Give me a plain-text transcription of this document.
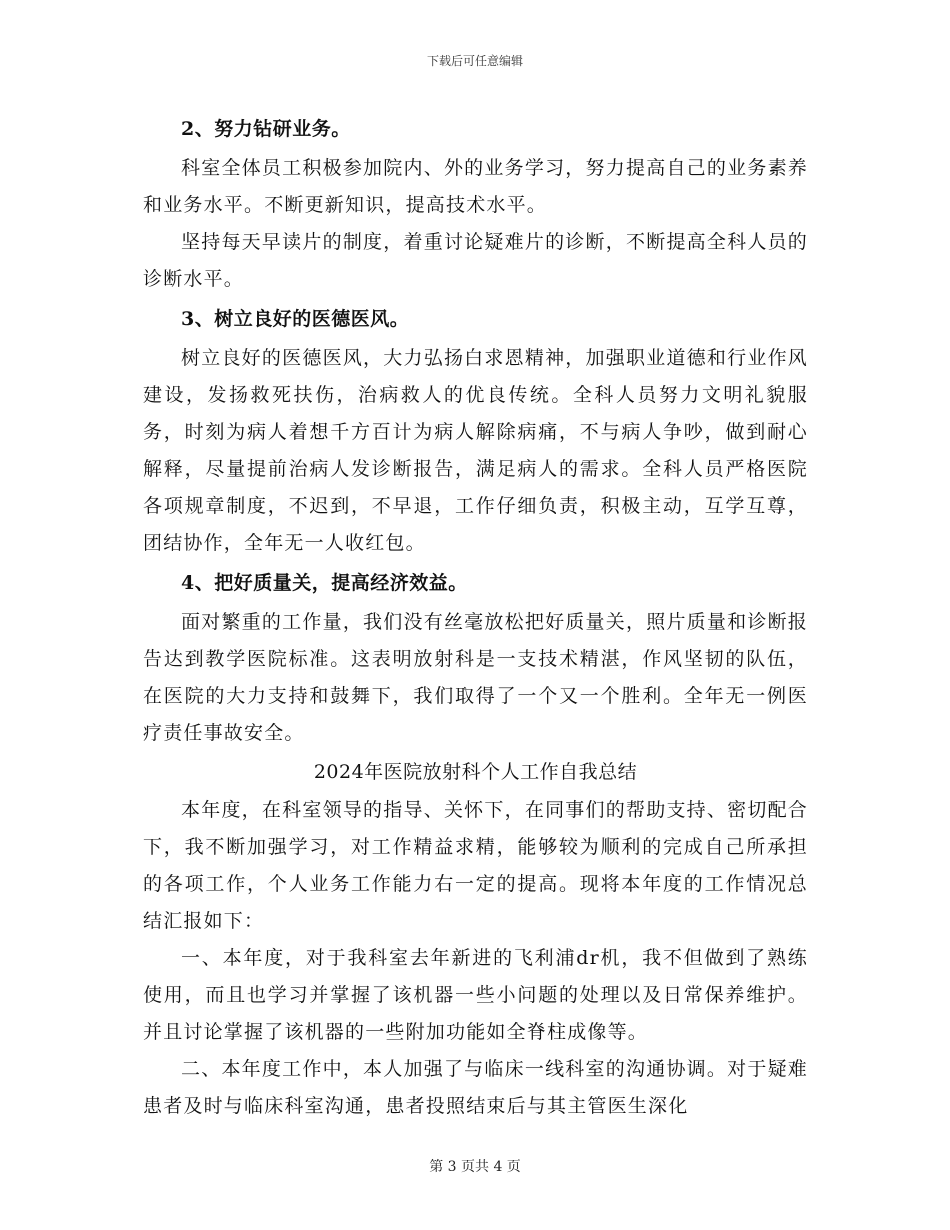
下载后可任意编辑

2、努力钻研业务。

科室全体员工积极参加院内、外的业务学习，努力提高自己的业务素养和业务水平。不断更新知识，提高技术水平。

坚持每天早读片的制度，着重讨论疑难片的诊断，不断提高全科人员的诊断水平。

3、树立良好的医德医风。

树立良好的医德医风，大力弘扬白求恩精神，加强职业道德和行业作风建设，发扬救死扶伤，治病救人的优良传统。全科人员努力文明礼貌服务，时刻为病人着想千方百计为病人解除病痛，不与病人争吵，做到耐心解释，尽量提前治病人发诊断报告，满足病人的需求。全科人员严格医院各项规章制度，不迟到，不早退，工作仔细负责，积极主动，互学互尊，团结协作，全年无一人收红包。

4、把好质量关，提高经济效益。

面对繁重的工作量，我们没有丝毫放松把好质量关，照片质量和诊断报告达到教学医院标准。这表明放射科是一支技术精湛，作风坚韧的队伍，在医院的大力支持和鼓舞下，我们取得了一个又一个胜利。全年无一例医疗责任事故安全。

2024年医院放射科个人工作自我总结

本年度，在科室领导的指导、关怀下，在同事们的帮助支持、密切配合下，我不断加强学习，对工作精益求精，能够较为顺利的完成自己所承担的各项工作，个人业务工作能力右一定的提高。现将本年度的工作情况总结汇报如下：

一、本年度，对于我科室去年新进的飞利浦dr机，我不但做到了熟练使用，而且也学习并掌握了该机器一些小问题的处理以及日常保养维护。并且讨论掌握了该机器的一些附加功能如全脊柱成像等。

二、本年度工作中，本人加强了与临床一线科室的沟通协调。对于疑难患者及时与临床科室沟通，患者投照结束后与其主管医生深化

第 3 页共 4 页
